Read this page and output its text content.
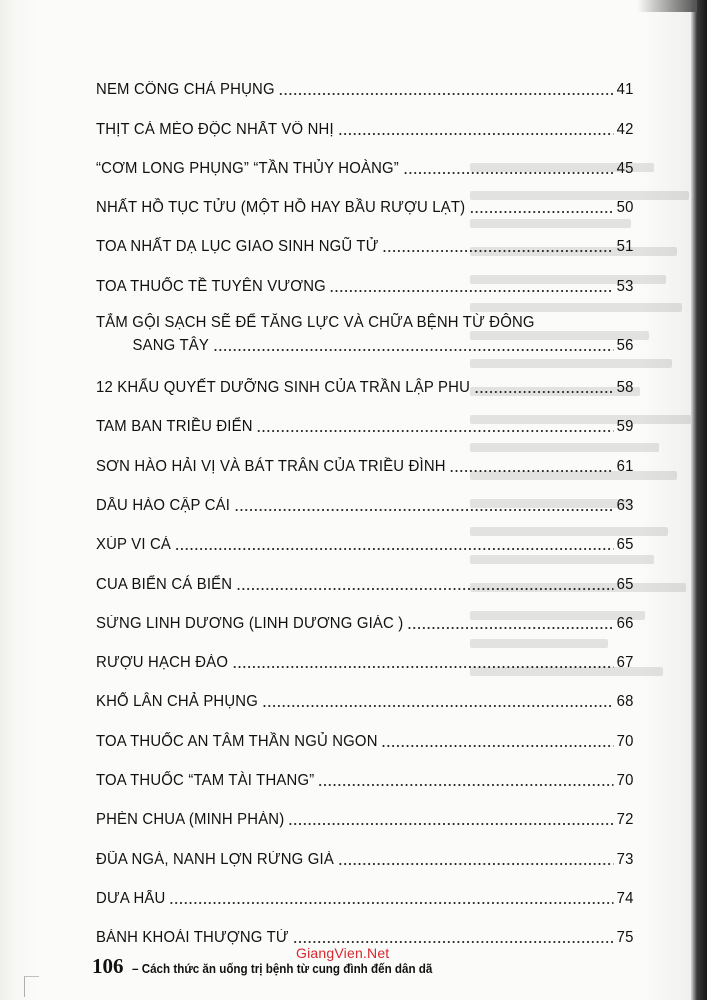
NEM CÔNG CHẢ PHỤNG	41
THỊT CÁ MÈO ĐỘC NHẤT VÔ NHỊ	42
“CƠM LONG PHỤNG” “TẦN THỦY HOÀNG”	45
NHẤT HỒ TỤC TỬU (MỘT HỒ HAY BẦU RƯỢU LẠT)	50
TOA NHẤT DẠ LỤC GIAO SINH NGŨ TỬ	51
TOA THUỐC TỀ TUYÊN VƯƠNG	53
TẮM GỘI SẠCH SẼ ĐỂ TĂNG LỰC VÀ CHỮA BỆNH TỪ ĐÔNG
SANG TÂY	56
12 KHẨU QUYẾT DƯỠNG SINH CỦA TRẦN LẬP PHU	58
TAM BAN TRIỀU ĐIỂN	59
SƠN HÀO HẢI VỊ VÀ BÁT TRÂN CỦA TRIỀU ĐÌNH	61
DẦU HÀO CẬP CẢI	63
XÚP VI CÁ	65
CUA BIỂN CÁ BIỂN	65
SỪNG LINH DƯƠNG (LINH DƯƠNG GIÁC )	66
RƯỢU HẠCH ĐÀO	67
KHỔ LÂN CHẢ PHỤNG	68
TOA THUỐC AN TÂM THẦN NGỦ NGON	70
TOA THUỐC “TAM TÀI THANG”	70
PHÈN CHUA (MINH PHÀN)	72
ĐŨA NGÀ, NANH LỢN RỪNG GIÀ	73
DƯA HẤU	74
BÁNH KHOÁI THƯỢNG TỨ	75
GiangVien.Net
106 – Cách thức ăn uống trị bệnh từ cung đình đến dân dã
